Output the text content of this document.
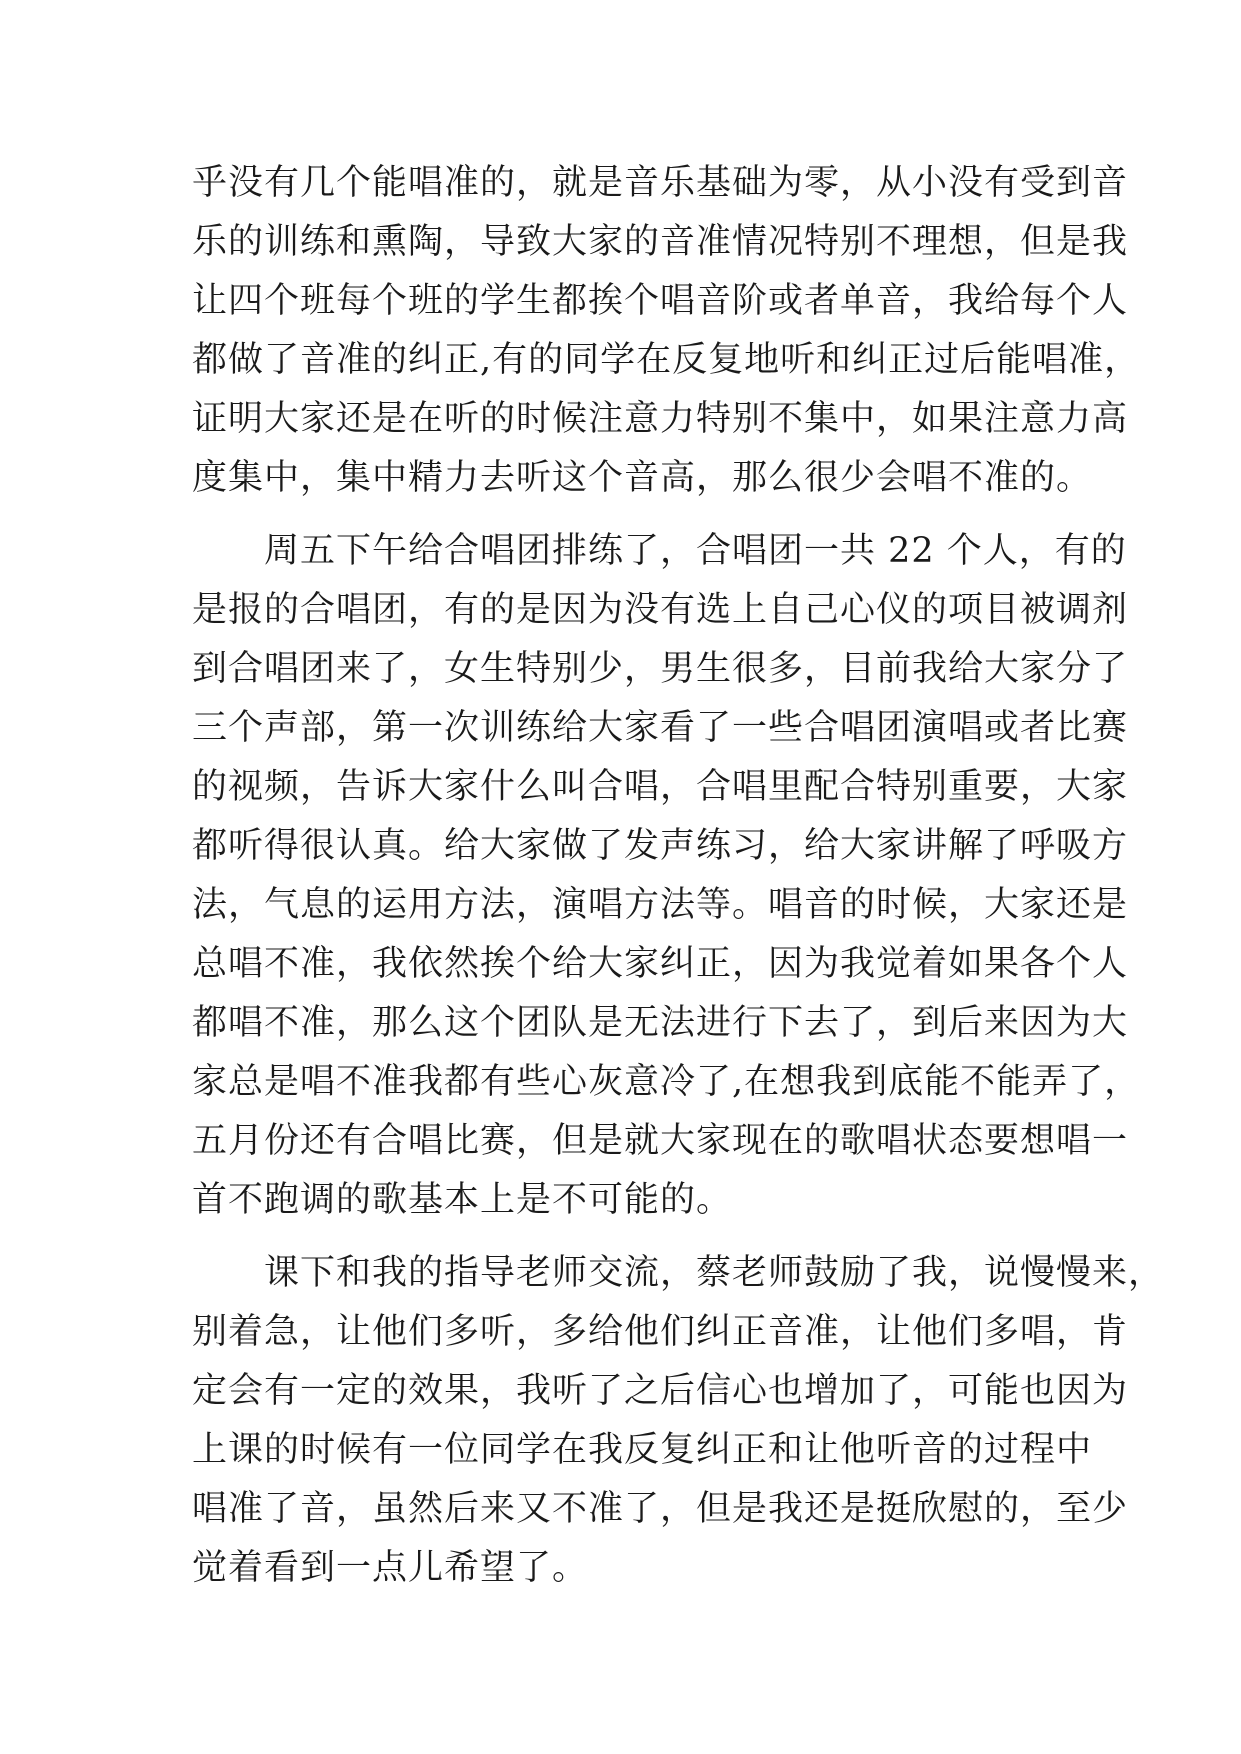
乎没有几个能唱准的，就是音乐基础为零，从小没有受到音
乐的训练和熏陶，导致大家的音准情况特别不理想，但是我
让四个班每个班的学生都挨个唱音阶或者单音，我给每个人
都做了音准的纠正,有的同学在反复地听和纠正过后能唱准，
证明大家还是在听的时候注意力特别不集中，如果注意力高
度集中，集中精力去听这个音高，那么很少会唱不准的。
　　周五下午给合唱团排练了，合唱团一共 22 个人，有的
是报的合唱团，有的是因为没有选上自己心仪的项目被调剂
到合唱团来了，女生特别少，男生很多，目前我给大家分了
三个声部，第一次训练给大家看了一些合唱团演唱或者比赛
的视频，告诉大家什么叫合唱，合唱里配合特别重要，大家
都听得很认真。给大家做了发声练习，给大家讲解了呼吸方
法，气息的运用方法，演唱方法等。唱音的时候，大家还是
总唱不准，我依然挨个给大家纠正，因为我觉着如果各个人
都唱不准，那么这个团队是无法进行下去了，到后来因为大
家总是唱不准我都有些心灰意冷了,在想我到底能不能弄了，
五月份还有合唱比赛，但是就大家现在的歌唱状态要想唱一
首不跑调的歌基本上是不可能的。
　　课下和我的指导老师交流，蔡老师鼓励了我，说慢慢来，
别着急，让他们多听，多给他们纠正音准，让他们多唱，肯
定会有一定的效果，我听了之后信心也增加了，可能也因为
上课的时候有一位同学在我反复纠正和让他听音的过程中
唱准了音，虽然后来又不准了，但是我还是挺欣慰的，至少
觉着看到一点儿希望了。
